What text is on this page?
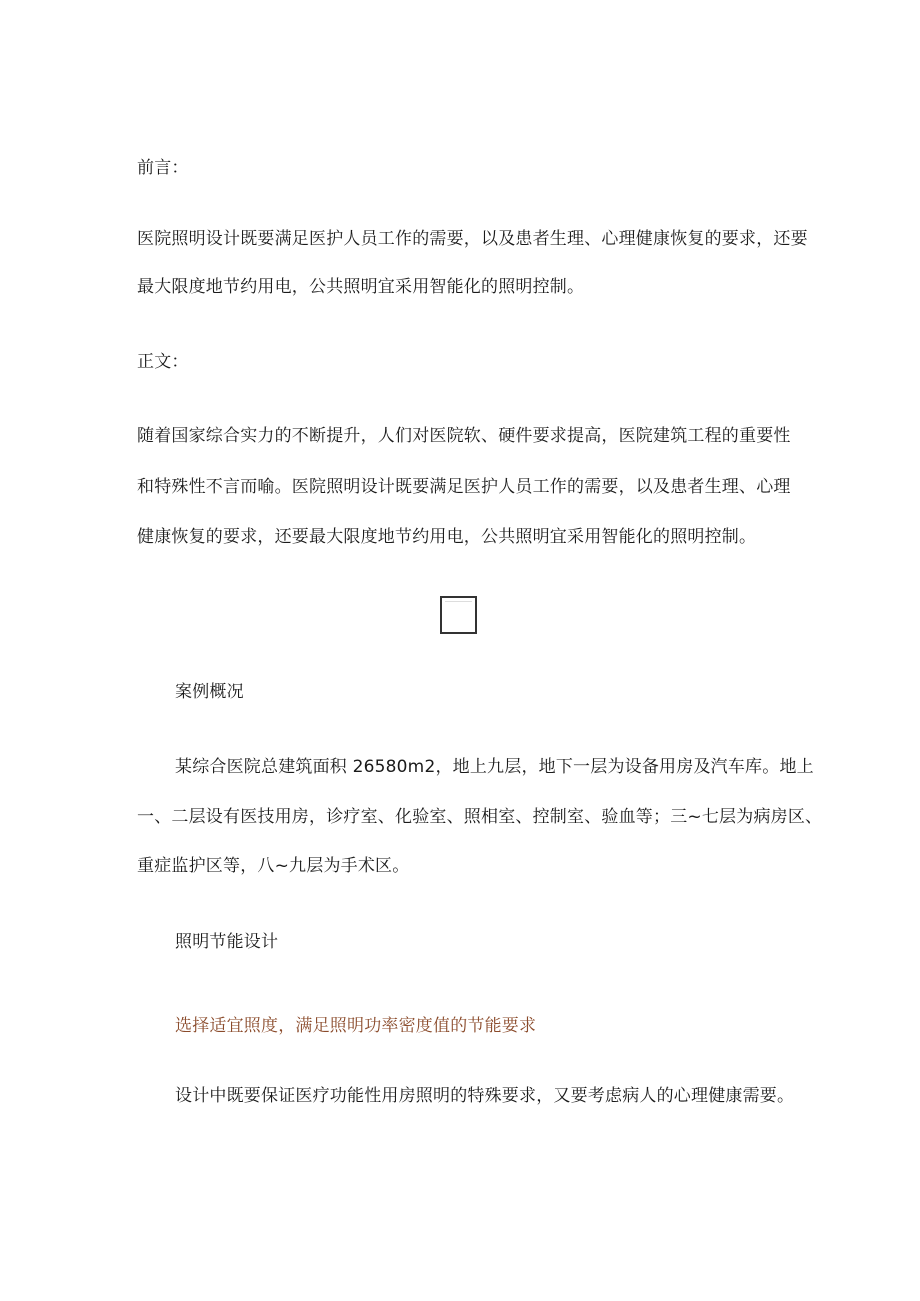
前言：
医院照明设计既要满足医护人员工作的需要，以及患者生理、心理健康恢复的要求，还要
最大限度地节约用电，公共照明宜采用智能化的照明控制。
正文：
随着国家综合实力的不断提升，人们对医院软、硬件要求提高，医院建筑工程的重要性
和特殊性不言而喻。医院照明设计既要满足医护人员工作的需要，以及患者生理、心理
健康恢复的要求，还要最大限度地节约用电，公共照明宜采用智能化的照明控制。
案例概况
某综合医院总建筑面积 26580m2，地上九层，地下一层为设备用房及汽车库。地上
一、二层设有医技用房，诊疗室、化验室、照相室、控制室、验血等；三~七层为病房区、
重症监护区等，八~九层为手术区。
照明节能设计
选择适宜照度，满足照明功率密度值的节能要求
设计中既要保证医疗功能性用房照明的特殊要求，又要考虑病人的心理健康需要。
